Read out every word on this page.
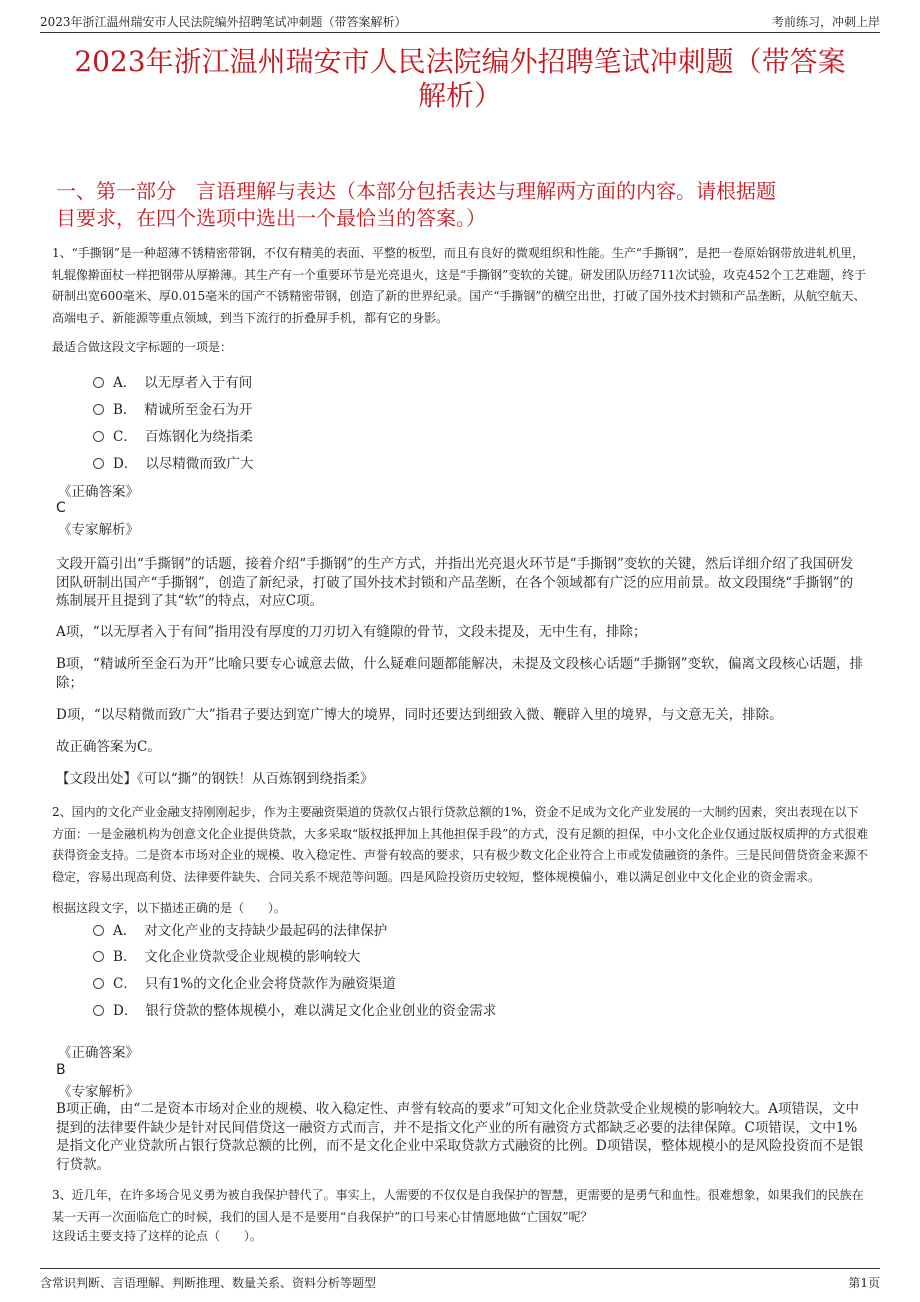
2023年浙江温州瑞安市人民法院编外招聘笔试冲刺题（带答案解析）	考前练习，冲刺上岸
2023年浙江温州瑞安市人民法院编外招聘笔试冲刺题（带答案
解析）
一、第一部分　言语理解与表达（本部分包括表达与理解两方面的内容。请根据题
目要求，在四个选项中选出一个最恰当的答案。）
1、“手撕钢”是一种超薄不锈精密带钢，不仅有精美的表面、平整的板型，而且有良好的微观组织和性能。生产“手撕钢”，是把一卷原始钢带放进轧机里，轧辊像擀面杖一样把钢带从厚擀薄。其生产有一个重要环节是光亮退火，这是“手撕钢”变软的关键。研发团队历经711次试验，攻克452个工艺难题，终于研制出宽600毫米、厚0.015毫米的国产不锈精密带钢，创造了新的世界纪录。国产“手撕钢”的横空出世，打破了国外技术封锁和产品垄断，从航空航天、高端电子、新能源等重点领域，到当下流行的折叠屏手机，都有它的身影。
最适合做这段文字标题的一项是：
A． 以无厚者入于有间
B． 精诚所至金石为开
C． 百炼钢化为绕指柔
D． 以尽精微而致广大
《正确答案》
C
《专家解析》
文段开篇引出“手撕钢”的话题，接着介绍“手撕钢”的生产方式，并指出光亮退火环节是“手撕钢”变软的关键，然后详细介绍了我国研发团队研制出国产“手撕钢”，创造了新纪录，打破了国外技术封锁和产品垄断，在各个领域都有广泛的应用前景。故文段围绕“手撕钢”的炼制展开且提到了其“软”的特点，对应C项。
A项，“以无厚者入于有间”指用没有厚度的刀刃切入有缝隙的骨节，文段未提及，无中生有，排除；
B项，“精诚所至金石为开”比喻只要专心诚意去做，什么疑难问题都能解决，未提及文段核心话题“手撕钢”变软，偏离文段核心话题，排除；
D项，“以尽精微而致广大”指君子要达到宽广博大的境界，同时还要达到细致入微、鞭辟入里的境界，与文意无关，排除。
故正确答案为C。
【文段出处】《可以“撕”的钢铁！从百炼钢到绕指柔》
2、国内的文化产业金融支持刚刚起步，作为主要融资渠道的贷款仅占银行贷款总额的1%，资金不足成为文化产业发展的一大制约因素，突出表现在以下方面：一是金融机构为创意文化企业提供贷款，大多采取“版权抵押加上其他担保手段”的方式，没有足额的担保，中小文化企业仅通过版权质押的方式很难获得资金支持。二是资本市场对企业的规模、收入稳定性、声誉有较高的要求，只有极少数文化企业符合上市或发债融资的条件。三是民间借贷资金来源不稳定，容易出现高利贷、法律要件缺失、合同关系不规范等问题。四是风险投资历史较短，整体规模偏小，难以满足创业中文化企业的资金需求。
根据这段文字，以下描述正确的是（　　）。
A． 对文化产业的支持缺少最起码的法律保护
B． 文化企业贷款受企业规模的影响较大
C． 只有1%的文化企业会将贷款作为融资渠道
D． 银行贷款的整体规模小，难以满足文化企业创业的资金需求
《正确答案》
B
《专家解析》
B项正确，由“二是资本市场对企业的规模、收入稳定性、声誉有较高的要求”可知文化企业贷款受企业规模的影响较大。A项错误，文中提到的法律要件缺少是针对民间借贷这一融资方式而言，并不是指文化产业的所有融资方式都缺乏必要的法律保障。C项错误，文中1%是指文化产业贷款所占银行贷款总额的比例，而不是文化企业中采取贷款方式融资的比例。D项错误，整体规模小的是风险投资而不是银行贷款。
3、近几年，在许多场合见义勇为被自我保护替代了。事实上，人需要的不仅仅是自我保护的智慧，更需要的是勇气和血性。很难想象，如果我们的民族在某一天再一次面临危亡的时候，我们的国人是不是要用“自我保护”的口号来心甘情愿地做“亡国奴”呢？
这段话主要支持了这样的论点（　　）。
含常识判断、言语理解、判断推理、数量关系、资料分析等题型	第1页
